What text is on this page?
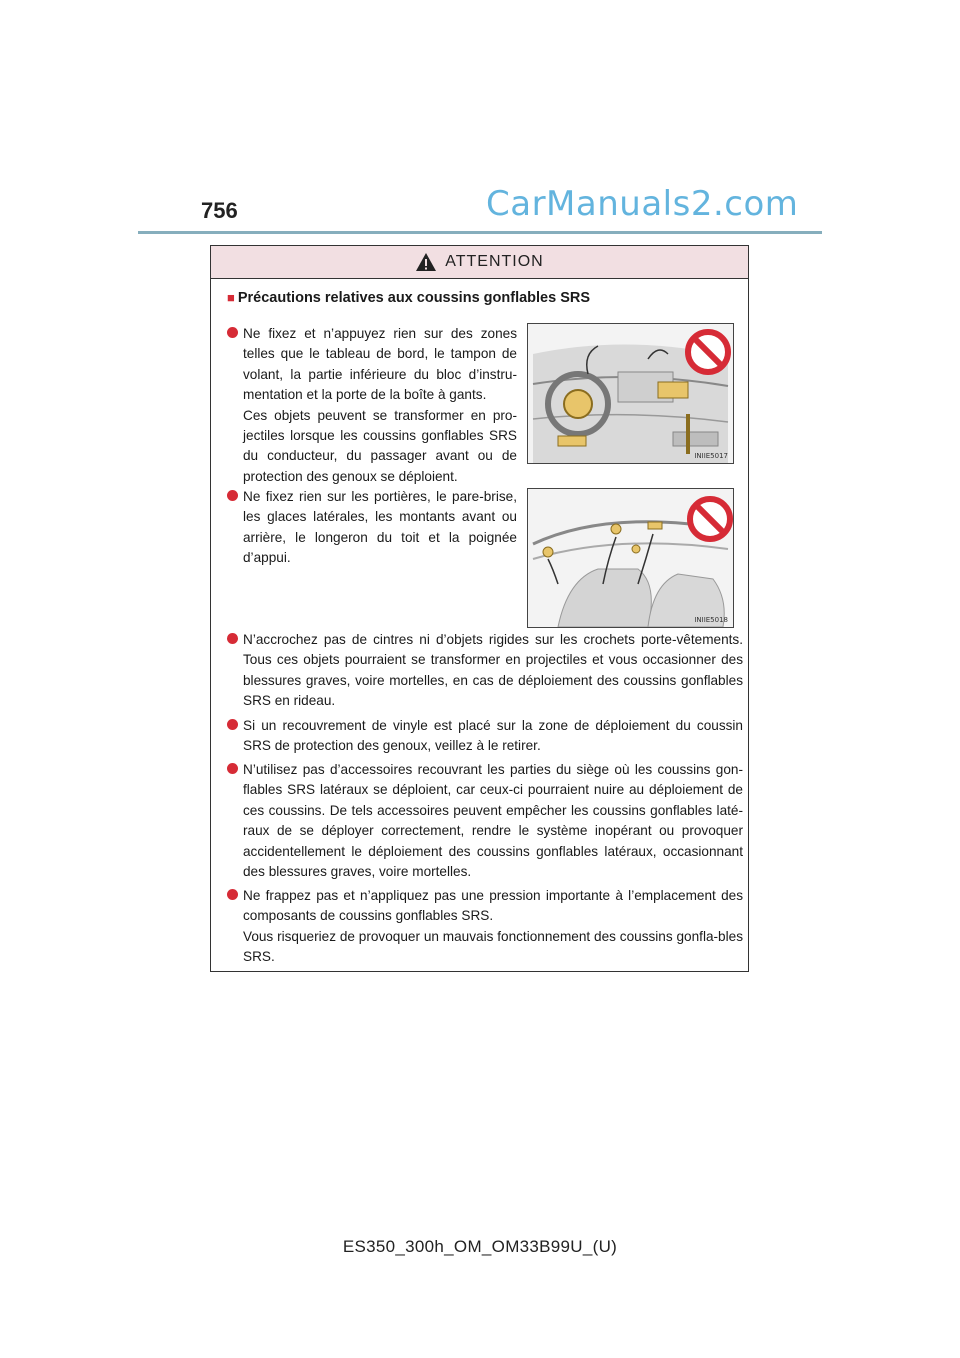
756	CarManuals2.com
ATTENTION
■ Précautions relatives aux coussins gonflables SRS

Ne fixez et n’appuyez rien sur des zones telles que le tableau de bord, le tampon de volant, la partie inférieure du bloc d’instru-mentation et la porte de la boîte à gants.

Ces objets peuvent se transformer en pro-jectiles lorsque les coussins gonflables SRS du conducteur, du passager avant ou de protection des genoux se déploient.

INIIE5017

Ne fixez rien sur les portières, le pare-brise, les glaces latérales, les montants avant ou arrière, le longeron du toit et la poignée d’appui.

INIIE5018

N’accrochez pas de cintres ni d’objets rigides sur les crochets porte-vêtements. Tous ces objets pourraient se transformer en projectiles et vous occasionner des blessures graves, voire mortelles, en cas de déploiement des coussins gonflables SRS en rideau.

Si un recouvrement de vinyle est placé sur la zone de déploiement du coussin SRS de protection des genoux, veillez à le retirer.

N’utilisez pas d’accessoires recouvrant les parties du siège où les coussins gon-flables SRS latéraux se déploient, car ceux-ci pourraient nuire au déploiement de ces coussins. De tels accessoires peuvent empêcher les coussins gonflables laté-raux de se déployer correctement, rendre le système inopérant ou provoquer accidentellement le déploiement des coussins gonflables latéraux, occasionnant des blessures graves, voire mortelles.

Ne frappez pas et n’appliquez pas une pression importante à l’emplacement des composants de coussins gonflables SRS.

Vous risqueriez de provoquer un mauvais fonctionnement des coussins gonfla-bles SRS.

ES350_300h_OM_OM33B99U_(U)
